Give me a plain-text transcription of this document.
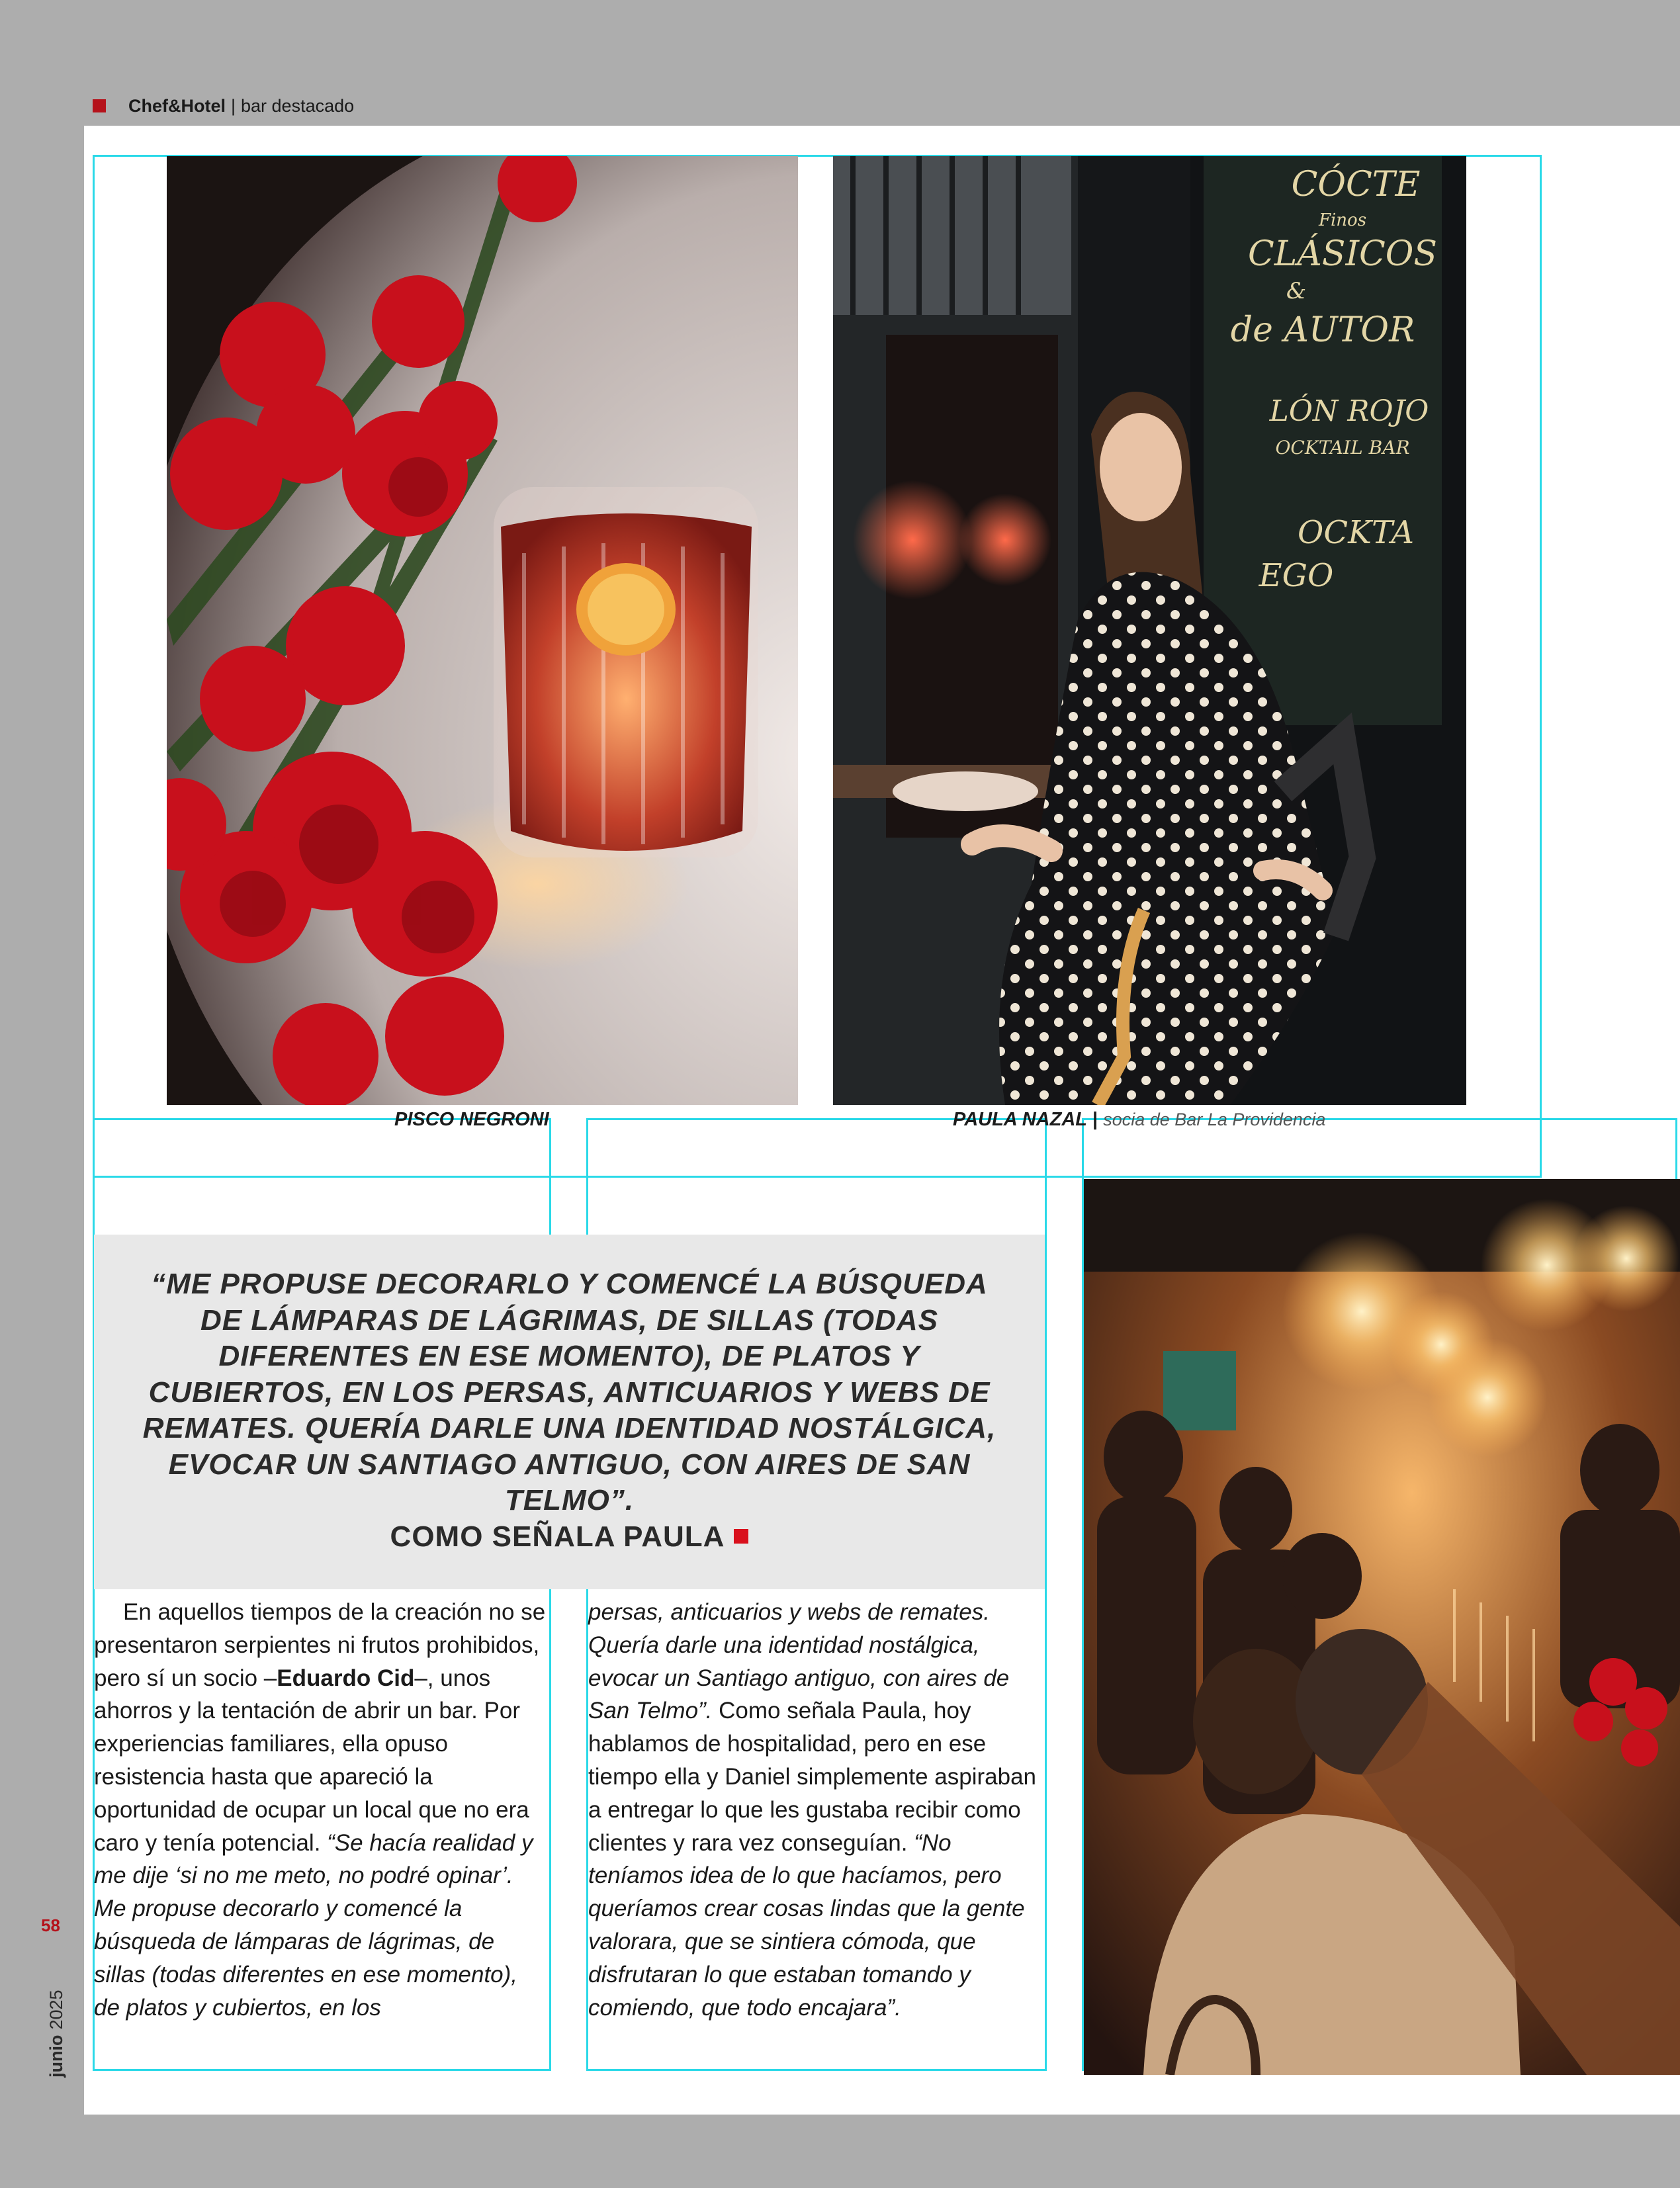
Chef&Hotel | bar destacado
58
junio2025
CÓCTE
Finos
CLÁSICOS
&
de AUTOR
LÓN ROJO
OCKTAIL BAR
OCKTA
EGO
PISCO NEGRONI	PAULA NAZAL | socia de Bar La Providencia
“ME PROPUSE DECORARLO Y COMENCÉ LA BÚSQUEDA DE LÁMPARAS DE LÁGRIMAS, DE SILLAS (TODAS DIFERENTES EN ESE MOMENTO), DE PLATOS Y CUBIERTOS, EN LOS PERSAS, ANTICUARIOS Y WEBS DE REMATES. QUERÍA DARLE UNA IDENTIDAD NOSTÁLGICA, EVOCAR UN SANTIAGO ANTIGUO, CON AIRES DE SAN TELMO”.
COMO SEÑALA PAULA

En aquellos tiempos de la creación no se presentaron serpientes ni frutos prohibidos, pero sí un socio –Eduardo Cid–, unos ahorros y la tentación de abrir un bar. Por experiencias familiares, ella opuso resistencia hasta que apareció la oportunidad de ocupar un local que no era caro y tenía potencial. “Se hacía realidad y me dije ‘si no me meto, no podré opinar’. Me propuse decorarlo y comencé la búsqueda de lámparas de lágrimas, de sillas (todas diferentes en ese momento), de platos y cubiertos, en los

persas, anticuarios y webs de remates. Quería darle una identidad nostálgica, evocar un Santiago antiguo, con aires de San Telmo”. Como señala Paula, hoy hablamos de hospitalidad, pero en ese tiempo ella y Daniel simplemente aspiraban a entregar lo que les gustaba recibir como clientes y rara vez conseguían. “No teníamos idea de lo que hacíamos, pero queríamos crear cosas lindas que la gente valorara, que se sintiera cómoda, que disfrutaran lo que estaban tomando y comiendo, que todo encajara”.
